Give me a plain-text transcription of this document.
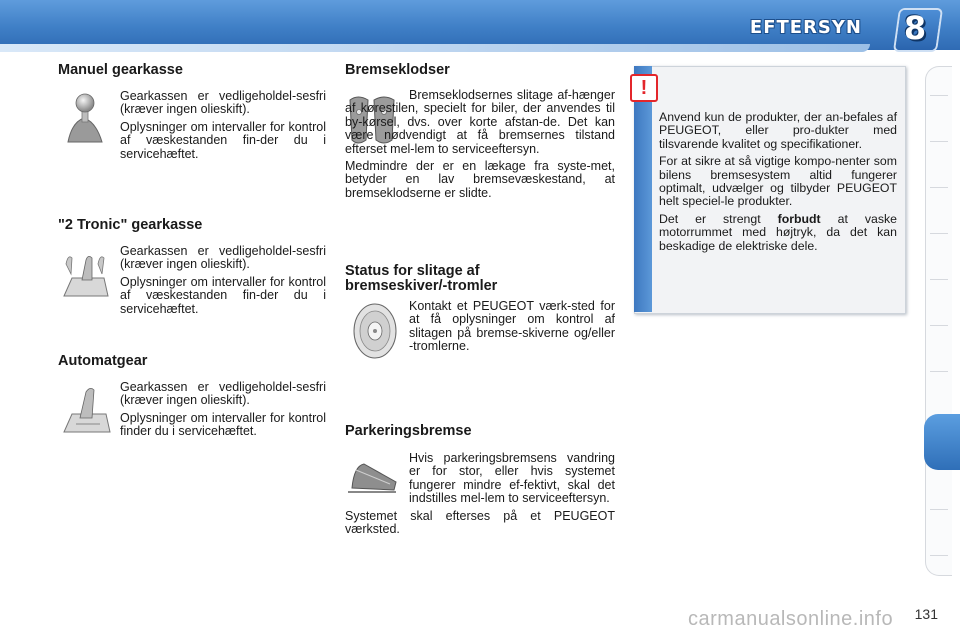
EFTERSYN 8
Manuel gearkasse

Gearkassen er vedligeholdel-sesfri (kræver ingen olieskift).

Oplysninger om intervaller for kontrol af væskestanden fin-der du i servicehæftet.

"2 Tronic" gearkasse

Gearkassen er vedligeholdel-sesfri (kræver ingen olieskift).

Oplysninger om intervaller for kontrol af væskestanden fin-der du i servicehæftet.

Automatgear

Gearkassen er vedligeholdel-sesfri (kræver ingen olieskift).

Oplysninger om intervaller for kontrol finder du i servicehæftet.

Bremseklodser

Bremseklodsernes slitage af-hænger af kørestilen, specielt for biler, der anvendes til by-kørsel, dvs. over korte afstan-de. Det kan være nødvendigt at få bremsernes tilstand efterset mel-lem to serviceeftersyn.

Medmindre der er en lækage fra syste-met, betyder en lav bremsevæskestand, at bremseklodserne er slidte.

Status for slitage af
bremseskiver/-tromler

Kontakt et PEUGEOT værk-sted for at få oplysninger om kontrol af slitagen på bremse-skiverne og/eller -tromlerne.

Parkeringsbremse

Hvis parkeringsbremsens vandring er for stor, eller hvis systemet fungerer mindre ef-fektivt, skal det indstilles mel-lem to serviceeftersyn.

Systemet skal efterses på et PEUGEOT værksted.

!

Anvend kun de produkter, der an-befales af PEUGEOT, eller pro-dukter med tilsvarende kvalitet og specifikationer.

For at sikre at så vigtige kompo-nenter som bilens bremsesystem altid fungerer optimalt, udvælger og tilbyder PEUGEOT helt speciel-le produkter.

Det er strengt forbudt at vaske motorrummet med højtryk, da det kan beskadige de elektriske dele.

131
carmanualsonline.info
